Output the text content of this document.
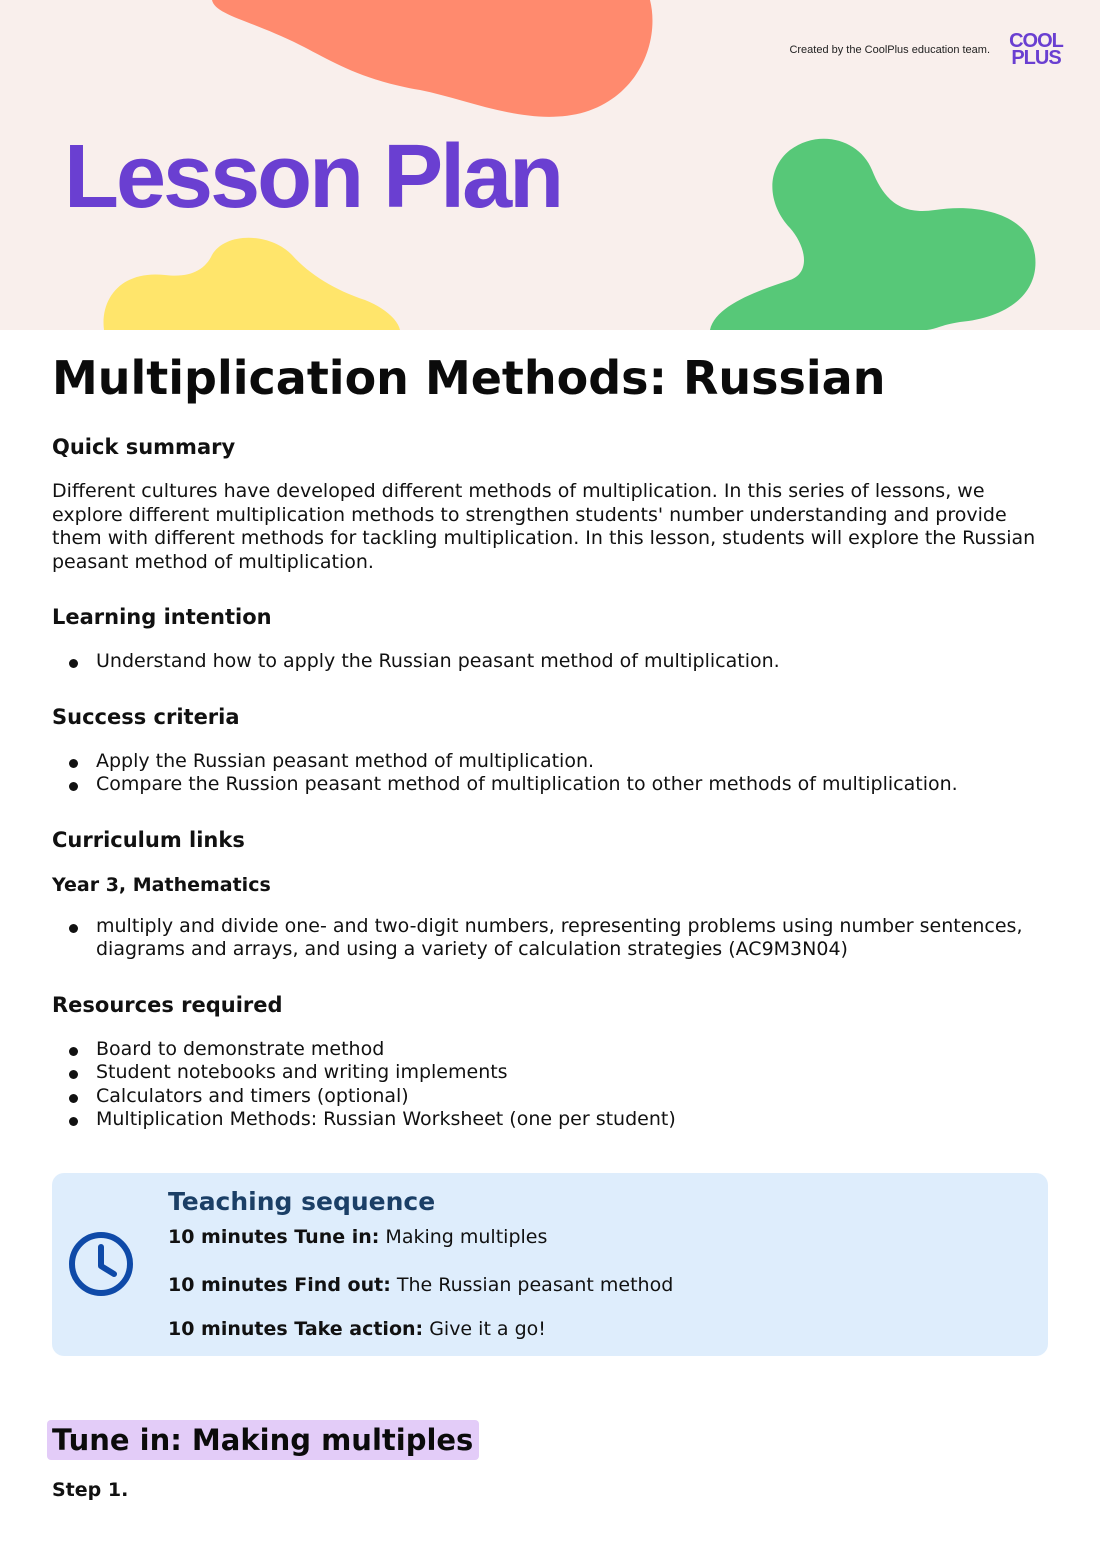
Created by the CoolPlus education team. COOL
PLUS
Lesson Plan
Multiplication Methods: Russian
Quick summary

Different cultures have developed different methods of multiplication. In this series of lessons, we explore different multiplication methods to strengthen students' number understanding and provide them with different methods for tackling multiplication. In this lesson, students will explore the Russian peasant method of multiplication.

Learning intention
Understand how to apply the Russian peasant method of multiplication.
Success criteria
Apply the Russian peasant method of multiplication.
Compare the Russion peasant method of multiplication to other methods of multiplication.
Curriculum links
Year 3, Mathematics
multiply and divide one- and two-digit numbers, representing problems using number sentences, diagrams and arrays, and using a variety of calculation strategies (AC9M3N04)
Resources required
Board to demonstrate method
Student notebooks and writing implements
Calculators and timers (optional)
Multiplication Methods: Russian Worksheet (one per student)
Teaching sequence
10 minutes Tune in: Making multiples
10 minutes Find out: The Russian peasant method
10 minutes Take action: Give it a go!
Tune in: Making multiples

Step 1.
